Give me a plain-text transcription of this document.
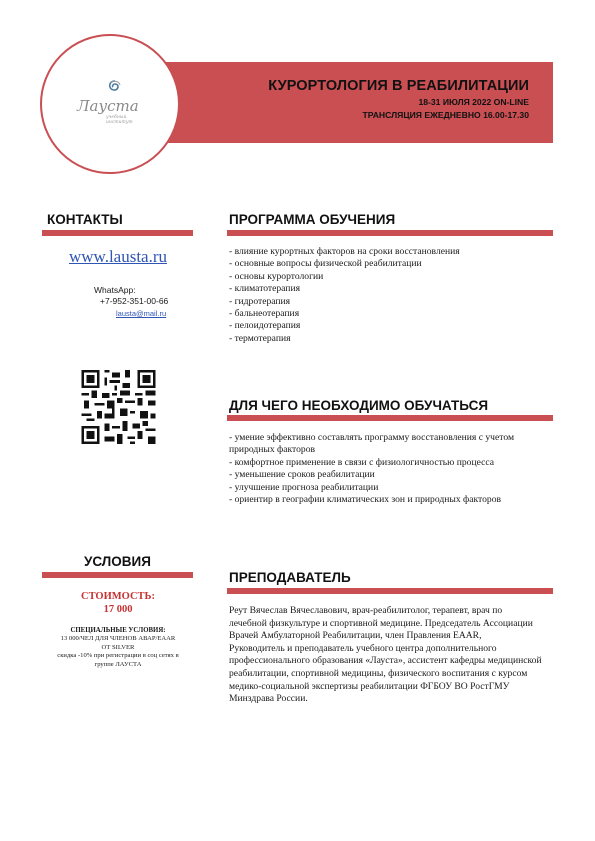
КУРОРТОЛОГИЯ В РЕАБИЛИТАЦИИ
18-31 ИЮЛЯ 2022 ON-LINE
ТРАНСЛЯЦИЯ ЕЖЕДНЕВНО 16.00-17.30
Лауста
учебный институт
КОНТАКТЫ
www.lausta.ru
WhatsApp:
+7-952-351-00-66
lausta@mail.ru
ПРОГРАММА ОБУЧЕНИЯ
- влияние курортных факторов на сроки восстановления
- основные вопросы физической реабилитации
- основы курортологии
- климатотерапия
- гидротерапия
- бальнеотерапия
- пелоидотерапия
- термотерапия
ДЛЯ ЧЕГО НЕОБХОДИМО ОБУЧАТЬСЯ
- умение эффективно составлять программу восстановления с учетом
природных факторов
- комфортное применение в связи с физиологичностью процесса
- уменьшение сроков реабилитации
- улучшение прогноза реабилитации
- ориентир в географии климатических зон и природных факторов
УСЛОВИЯ
СТОИМОСТЬ:
17 000
СПЕЦИАЛЬНЫЕ УСЛОВИЯ:
13 000/ЧЕЛ ДЛЯ ЧЛЕНОВ АВАР/EAAR
ОТ SILVER
скидка -10% при регистрации в соц сетях в
группе ЛАУСТА
ПРЕПОДАВАТЕЛЬ
Реут Вячеслав Вячеславович, врач-реабилитолог, терапевт, врач по
лечебной физкультуре и спортивной медицине. Председатель Ассоциации
Врачей Амбулаторной Реабилитации, член Правления EAAR,
Руководитель и преподаватель учебного центра дополнительного
профессионального образования «Лауста», ассистент кафедры медицинской
реабилитации, спортивной медицины, физического воспитания с курсом
медико-социальной экспертизы реабилитации ФГБОУ ВО РостГМУ
Минздрава России.
